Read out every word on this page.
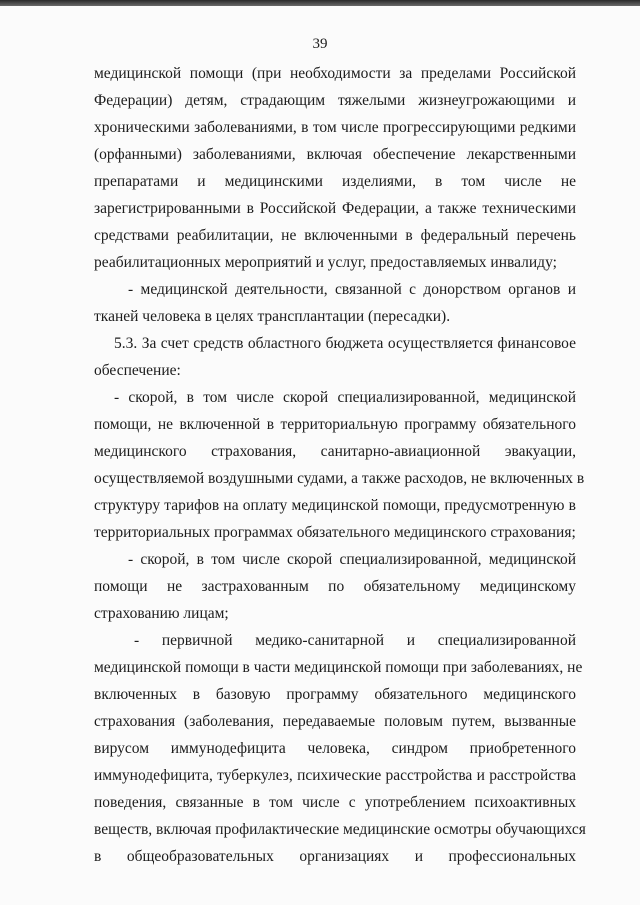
39
медицинской помощи (при необходимости за пределами Российской
Федерации) детям, страдающим тяжелыми жизнеугрожающими и
хроническими заболеваниями, в том числе прогрессирующими редкими
(орфанными) заболеваниями, включая обеспечение лекарственными
препаратами и медицинскими изделиями, в том числе не
зарегистрированными в Российской Федерации, а также техническими
средствами реабилитации, не включенными в федеральный перечень
реабилитационных мероприятий и услуг, предоставляемых инвалиду;
- медицинской деятельности, связанной с донорством органов и
тканей человека в целях трансплантации (пересадки).
5.3. За счет средств областного бюджета осуществляется финансовое
обеспечение:
- скорой, в том числе скорой специализированной, медицинской
помощи, не включенной в территориальную программу обязательного
медицинского страхования, санитарно-авиационной эвакуации,
осуществляемой воздушными судами, а также расходов, не включенных в
структуру тарифов на оплату медицинской помощи, предусмотренную в
территориальных программах обязательного медицинского страхования;
- скорой, в том числе скорой специализированной, медицинской
помощи не застрахованным по обязательному медицинскому
страхованию лицам;
- первичной медико-санитарной и специализированной
медицинской помощи в части медицинской помощи при заболеваниях, не
включенных в базовую программу обязательного медицинского
страхования (заболевания, передаваемые половым путем, вызванные
вирусом иммунодефицита человека, синдром приобретенного
иммунодефицита, туберкулез, психические расстройства и расстройства
поведения, связанные в том числе с употреблением психоактивных
веществ, включая профилактические медицинские осмотры обучающихся
в общеобразовательных организациях и профессиональных
